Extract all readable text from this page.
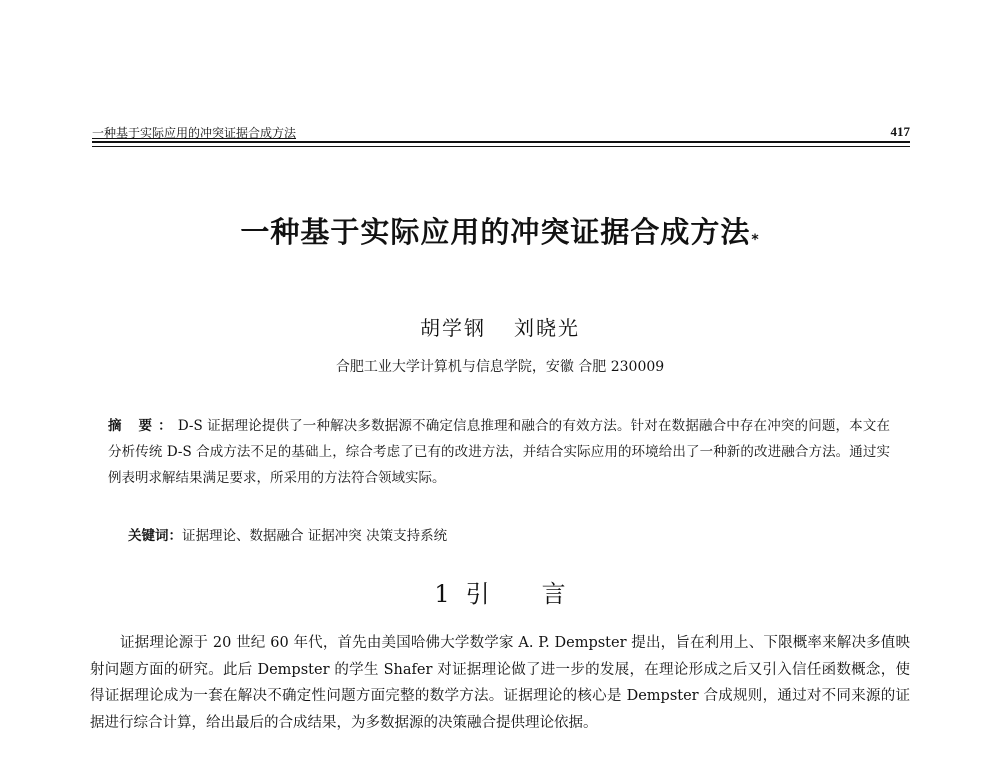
一种基于实际应用的冲突证据合成方法	417
一种基于实际应用的冲突证据合成方法*
胡学钢 刘晓光
合肥工业大学计算机与信息学院，安徽 合肥 230009
摘 要：D-S 证据理论提供了一种解决多数据源不确定信息推理和融合的有效方法。针对在数据融合中存在冲突的问题，本文在分析传统 D-S 合成方法不足的基础上，综合考虑了已有的改进方法，并结合实际应用的环境给出了一种新的改进融合方法。通过实例表明求解结果满足要求，所采用的方法符合领域实际。
关键词：证据理论、数据融合 证据冲突 决策支持系统
1 引 言
证据理论源于 20 世纪 60 年代，首先由美国哈佛大学数学家 A. P. Dempster 提出，旨在利用上、下限概率来解决多值映射问题方面的研究。此后 Dempster 的学生 Shafer 对证据理论做了进一步的发展，在理论形成之后又引入信任函数概念，使得证据理论成为一套在解决不确定性问题方面完整的数学方法。证据理论的核心是 Dempster 合成规则，通过对不同来源的证据进行综合计算，给出最后的合成结果，为多数据源的决策融合提供理论依据。
